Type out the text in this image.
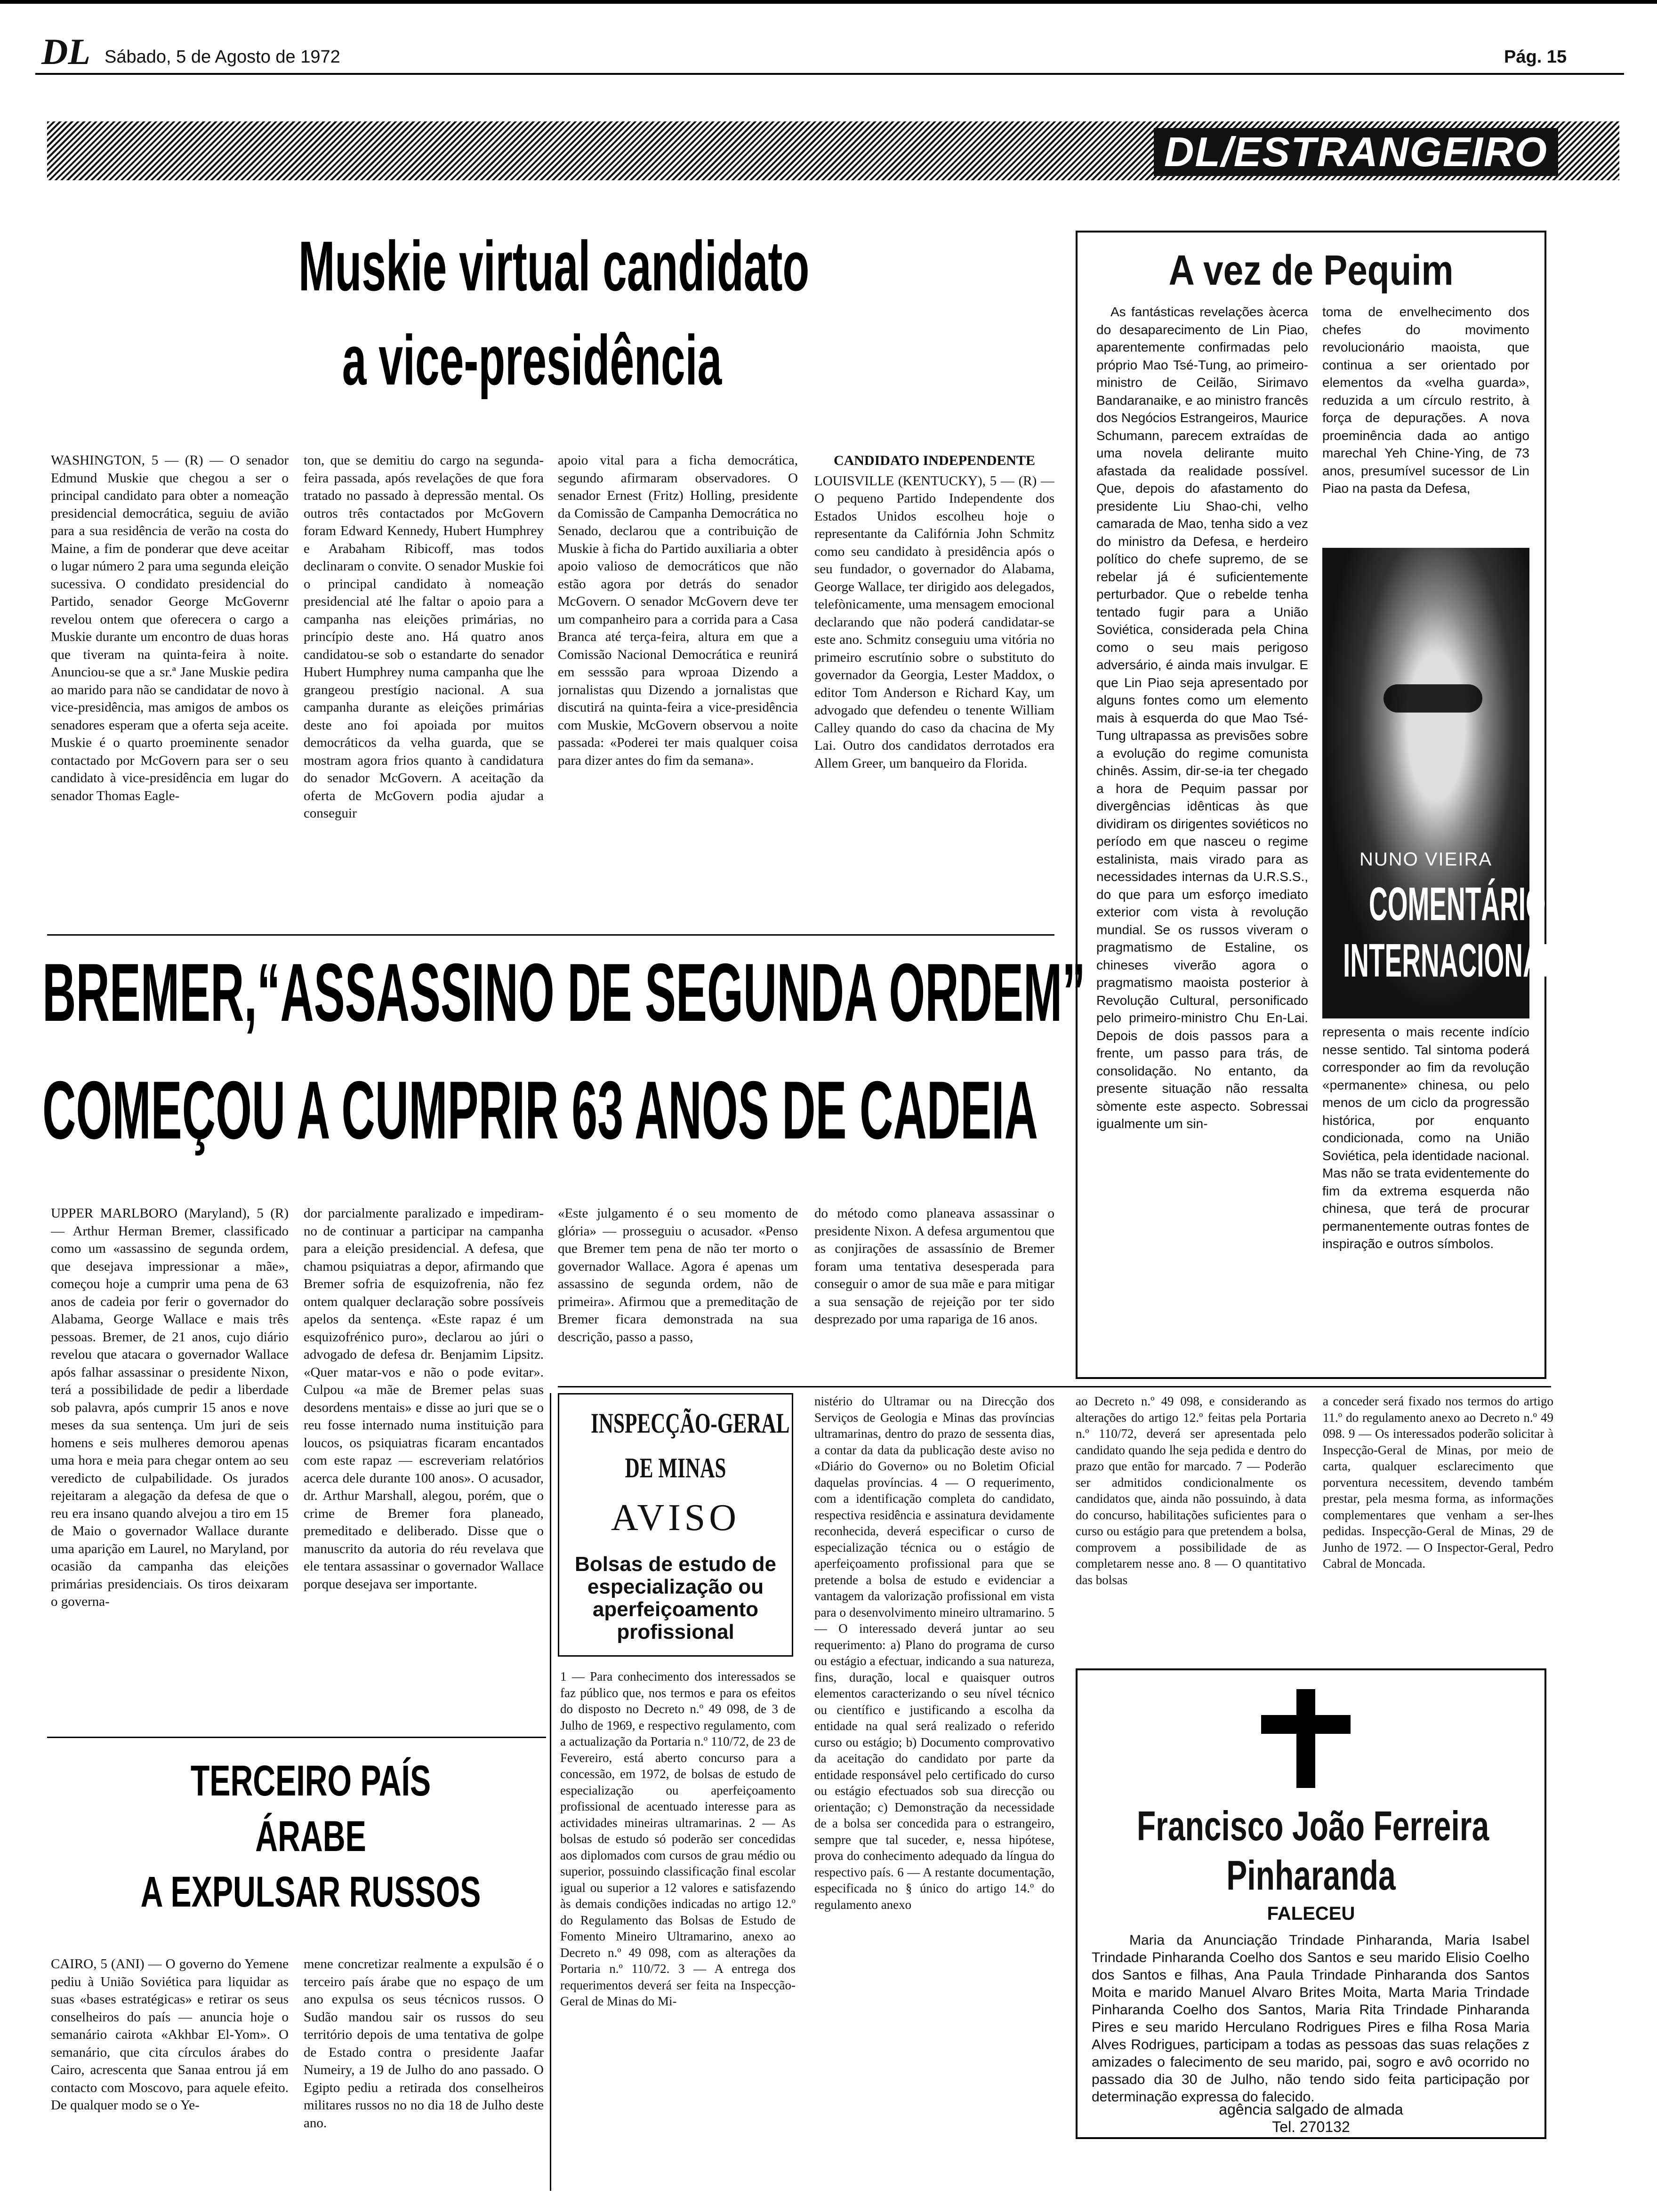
DL Sábado, 5 de Agosto de 1972	Pág. 15
DL/ESTRANGEIRO
Muskie virtual candidato
a vice-presidência

WASHINGTON, 5 — (R) — O senador Edmund Muskie que chegou a ser o principal candidato para obter a nomeação presidencial democrática, seguiu de avião para a sua residência de verão na costa do Maine, a fim de ponderar que deve aceitar o lugar número 2 para uma segunda eleição sucessiva. O condidato presidencial do Partido, senador George McGovernr revelou ontem que oferecera o cargo a Muskie durante um encontro de duas horas que tiveram na quinta-feira à noite. Anunciou-se que a sr.ª Jane Muskie pedira ao marido para não se candidatar de novo à vice-presidência, mas amigos de ambos os senadores esperam que a oferta seja aceite. Muskie é o quarto proeminente senador contactado por McGovern para ser o seu candidato à vice-presidência em lugar do senador Thomas Eagle-

ton, que se demitiu do cargo na segunda-feira passada, após revelações de que fora tratado no passado à depressão mental. Os outros três contactados por McGovern foram Edward Kennedy, Hubert Humphrey e Arabaham Ribicoff, mas todos declinaram o convite. O senador Muskie foi o principal candidato à nomeação presidencial até lhe faltar o apoio para a campanha nas eleições primárias, no princípio deste ano. Há quatro anos candidatou-se sob o estandarte do senador Hubert Humphrey numa campanha que lhe grangeou prestígio nacional. A sua campanha durante as eleições primárias deste ano foi apoiada por muitos democráticos da velha guarda, que se mostram agora frios quanto à candidatura do senador McGovern. A aceitação da oferta de McGovern podia ajudar a conseguir

apoio vital para a ficha democrática, segundo afirmaram observadores. O senador Ernest (Fritz) Holling, presidente da Comissão de Campanha Democrática no Senado, declarou que a contribuição de Muskie à ficha do Partido auxiliaria a obter apoio valioso de democráticos que não estão agora por detrás do senador McGovern. O senador McGovern deve ter um companheiro para a corrida para a Casa Branca até terça-feira, altura em que a Comissão Nacional Democrática e reunirá em sesssão para wproaa Dizendo a jornalistas quu Dizendo a jornalistas que discutirá na quinta-feira a vice-presidência com Muskie, McGovern observou a noite passada: «Poderei ter mais qualquer coisa para dizer antes do fim da semana».

CANDIDATO INDEPENDENTE

LOUISVILLE (KENTUCKY), 5 — (R) — O pequeno Partido Independente dos Estados Unidos escolheu hoje o representante da Califórnia John Schmitz como seu candidato à presidência após o seu fundador, o governador do Alabama, George Wallace, ter dirigido aos delegados, telefònicamente, uma mensagem emocional declarando que não poderá candidatar-se este ano. Schmitz conseguiu uma vitória no primeiro escrutínio sobre o substituto do governador da Georgia, Lester Maddox, o editor Tom Anderson e Richard Kay, um advogado que defendeu o tenente William Calley quando do caso da chacina de My Lai. Outro dos candidatos derrotados era Allem Greer, um banqueiro da Florida.

A vez de Pequim

As fantásticas revelações àcerca do desaparecimento de Lin Piao, aparentemente confirmadas pelo próprio Mao Tsé-Tung, ao primeiro-ministro de Ceilão, Sirimavo Bandaranaike, e ao ministro francês dos Negócios Estrangeiros, Maurice Schumann, parecem extraídas de uma novela delirante muito afastada da realidade possível. Que, depois do afastamento do presidente Liu Shao-chi, velho camarada de Mao, tenha sido a vez do ministro da Defesa, e herdeiro político do chefe supremo, de se rebelar já é suficientemente perturbador. Que o rebelde tenha tentado fugir para a União Soviética, considerada pela China como o seu mais perigoso adversário, é ainda mais invulgar. E que Lin Piao seja apresentado por alguns fontes como um elemento mais à esquerda do que Mao Tsé-Tung ultrapassa as previsões sobre a evolução do regime comunista chinês. Assim, dir-se-ia ter chegado a hora de Pequim passar por divergências idênticas às que dividiram os dirigentes soviéticos no período em que nasceu o regime estalinista, mais virado para as necessidades internas da U.R.S.S., do que para um esforço imediato exterior com vista à revolução mundial. Se os russos viveram o pragmatismo de Estaline, os chineses viverão agora o pragmatismo maoista posterior à Revolução Cultural, personificado pelo primeiro-ministro Chu En-Lai. Depois de dois passos para a frente, um passo para trás, de consolidação. No entanto, da presente situação não ressalta sòmente este aspecto. Sobressai igualmente um sin-

toma de envelhecimento dos chefes do movimento revolucionário maoista, que continua a ser orientado por elementos da «velha guarda», reduzida a um círculo restrito, à força de depurações. A nova proeminência dada ao antigo marechal Yeh Chine-Ying, de 73 anos, presumível sucessor de Lin Piao na pasta da Defesa,

NUNO VIEIRA
COMENTÁRIO
INTERNACIONAL

representa o mais recente indício nesse sentido. Tal sintoma poderá corresponder ao fim da revolução «permanente» chinesa, ou pelo menos de um ciclo da progressão histórica, por enquanto condicionada, como na União Soviética, pela identidade nacional. Mas não se trata evidentemente do fim da extrema esquerda não chinesa, que terá de procurar permanentemente outras fontes de inspiração e outros símbolos.

BREMER,“ASSASSINO DE SEGUNDA ORDEM”
COMEÇOU A CUMPRIR 63 ANOS DE CADEIA

UPPER MARLBORO (Maryland), 5 (R) — Arthur Herman Bremer, classificado como um «assassino de segunda ordem, que desejava impressionar a mãe», começou hoje a cumprir uma pena de 63 anos de cadeia por ferir o governador do Alabama, George Wallace e mais três pessoas. Bremer, de 21 anos, cujo diário revelou que atacara o governador Wallace após falhar assassinar o presidente Nixon, terá a possibilidade de pedir a liberdade sob palavra, após cumprir 15 anos e nove meses da sua sentença. Um juri de seis homens e seis mulheres demorou apenas uma hora e meia para chegar ontem ao seu veredicto de culpabilidade. Os jurados rejeitaram a alegação da defesa de que o reu era insano quando alvejou a tiro em 15 de Maio o governador Wallace durante uma aparição em Laurel, no Maryland, por ocasião da campanha das eleições primárias presidenciais. Os tiros deixaram o governa-

dor parcialmente paralizado e impediram-no de continuar a participar na campanha para a eleição presidencial. A defesa, que chamou psiquiatras a depor, afirmando que Bremer sofria de esquizofrenia, não fez ontem qualquer declaração sobre possíveis apelos da sentença. «Este rapaz é um esquizofrénico puro», declarou ao júri o advogado de defesa dr. Benjamim Lipsitz. «Quer matar-vos e não o pode evitar». Culpou «a mãe de Bremer pelas suas desordens mentais» e disse ao juri que se o reu fosse internado numa instituição para loucos, os psiquiatras ficaram encantados com este rapaz — escreveriam relatórios acerca dele durante 100 anos». O acusador, dr. Arthur Marshall, alegou, porém, que o crime de Bremer fora planeado, premeditado e deliberado. Disse que o manuscrito da autoria do réu revelava que ele tentara assassinar o governador Wallace porque desejava ser importante.

«Este julgamento é o seu momento de glória» — prosseguiu o acusador. «Penso que Bremer tem pena de não ter morto o governador Wallace. Agora é apenas um assassino de segunda ordem, não de primeira». Afirmou que a premeditação de Bremer ficara demonstrada na sua descrição, passo a passo,

do método como planeava assassinar o presidente Nixon. A defesa argumentou que as conjirações de assassínio de Bremer foram uma tentativa desesperada para conseguir o amor de sua mãe e para mitigar a sua sensação de rejeição por ter sido desprezado por uma rapariga de 16 anos.

TERCEIRO PAÍS
ÁRABE
A EXPULSAR RUSSOS

CAIRO, 5 (ANI) — O governo do Yemene pediu à União Soviética para liquidar as suas «bases estratégicas» e retirar os seus conselheiros do país — anuncia hoje o semanário cairota «Akhbar El-Yom». O semanário, que cita círculos árabes do Cairo, acrescenta que Sanaa entrou já em contacto com Moscovo, para aquele efeito. De qualquer modo se o Ye-

mene concretizar realmente a expulsão é o terceiro país árabe que no espaço de um ano expulsa os seus técnicos russos. O Sudão mandou sair os russos do seu território depois de uma tentativa de golpe de Estado contra o presidente Jaafar Numeiry, a 19 de Julho do ano passado. O Egipto pediu a retirada dos conselheiros militares russos no no dia 18 de Julho deste ano.

INSPECÇÃO-GERAL
DE MINAS
AVISO
Bolsas de estudo de especialização ou aperfeiçoamento profissional

1 — Para conhecimento dos interessados se faz público que, nos termos e para os efeitos do disposto no Decreto n.º 49 098, de 3 de Julho de 1969, e respectivo regulamento, com a actualização da Portaria n.º 110/72, de 23 de Fevereiro, está aberto concurso para a concessão, em 1972, de bolsas de estudo de especialização ou aperfeiçoamento profissional de acentuado interesse para as actividades mineiras ultramarinas. 2 — As bolsas de estudo só poderão ser concedidas aos diplomados com cursos de grau médio ou superior, possuindo classificação final escolar igual ou superior a 12 valores e satisfazendo às demais condições indicadas no artigo 12.º do Regulamento das Bolsas de Estudo de Fomento Mineiro Ultramarino, anexo ao Decreto n.º 49 098, com as alterações da Portaria n.º 110/72. 3 — A entrega dos requerimentos deverá ser feita na Inspecção-Geral de Minas do Mi-

nistério do Ultramar ou na Direcção dos Serviços de Geologia e Minas das províncias ultramarinas, dentro do prazo de sessenta dias, a contar da data da publicação deste aviso no «Diário do Governo» ou no Boletim Oficial daquelas províncias. 4 — O requerimento, com a identificação completa do candidato, respectiva residência e assinatura devidamente reconhecida, deverá especificar o curso de especialização técnica ou o estágio de aperfeiçoamento profissional para que se pretende a bolsa de estudo e evidenciar a vantagem da valorização profissional em vista para o desenvolvimento mineiro ultramarino. 5 — O interessado deverá juntar ao seu requerimento: a) Plano do programa de curso ou estágio a efectuar, indicando a sua natureza, fins, duração, local e quaisquer outros elementos caracterizando o seu nível técnico ou científico e justificando a escolha da entidade na qual será realizado o referido curso ou estágio; b) Documento comprovativo da aceitação do candidato por parte da entidade responsável pelo certificado do curso ou estágio efectuados sob sua direcção ou orientação; c) Demonstração da necessidade de a bolsa ser concedida para o estrangeiro, sempre que tal suceder, e, nessa hipótese, prova do conhecimento adequado da língua do respectivo país. 6 — A restante documentação, especificada no § único do artigo 14.º do regulamento anexo

ao Decreto n.º 49 098, e considerando as alterações do artigo 12.º feitas pela Portaria n.º 110/72, deverá ser apresentada pelo candidato quando lhe seja pedida e dentro do prazo que então for marcado. 7 — Poderão ser admitidos condicionalmente os candidatos que, ainda não possuindo, à data do concurso, habilitações suficientes para o curso ou estágio para que pretendem a bolsa, comprovem a possibilidade de as completarem nesse ano. 8 — O quantitativo das bolsas

a conceder será fixado nos termos do artigo 11.º do regulamento anexo ao Decreto n.º 49 098. 9 — Os interessados poderão solicitar à Inspecção-Geral de Minas, por meio de carta, qualquer esclarecimento que porventura necessitem, devendo também prestar, pela mesma forma, as informações complementares que venham a ser-lhes pedidas. Inspecção-Geral de Minas, 29 de Junho de 1972. — O Inspector-Geral, Pedro Cabral de Moncada.

Francisco João Ferreira
Pinharanda
FALECEU
Maria da Anunciação Trindade Pinharanda, Maria Isabel Trindade Pinharanda Coelho dos Santos e seu marido Elisio Coelho dos Santos e filhas, Ana Paula Trindade Pinharanda dos Santos Moita e marido Manuel Alvaro Brites Moita, Marta Maria Trindade Pinharanda Coelho dos Santos, Maria Rita Trindade Pinharanda Pires e seu marido Herculano Rodrigues Pires e filha Rosa Maria Alves Rodrigues, participam a todas as pessoas das suas relações z amizades o falecimento de seu marido, pai, sogro e avô ocorrido no passado dia 30 de Julho, não tendo sido feita participação por determinação expressa do falecido.
agência salgado de almada
Tel. 270132
